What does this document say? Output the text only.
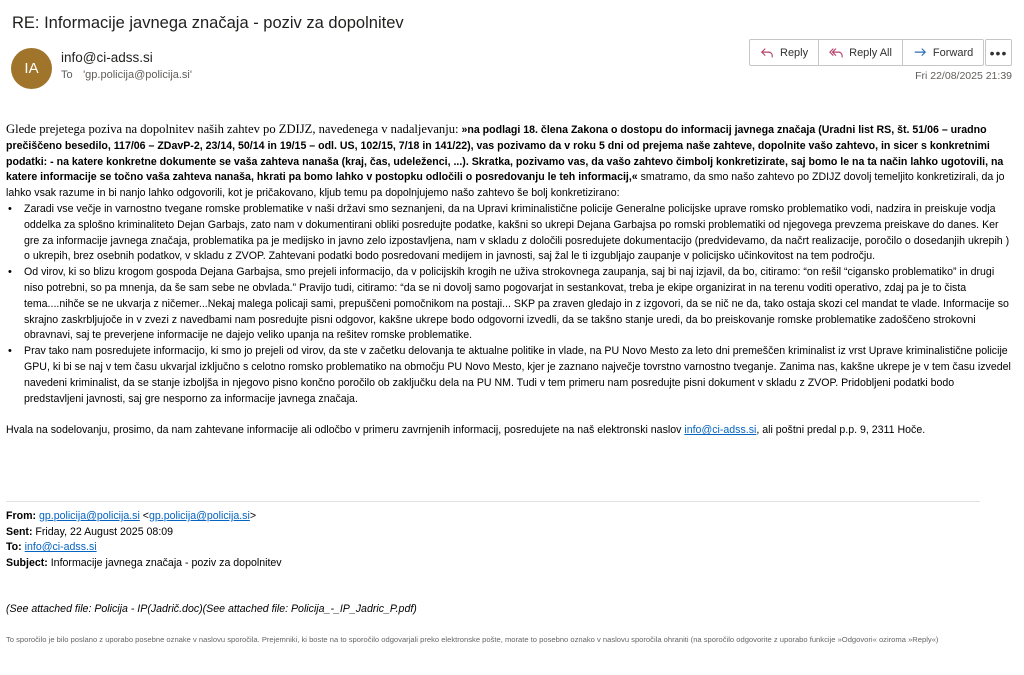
RE: Informacije javnega značaja - poziv za dopolnitev
IA
info@ci-adss.si
To 'gp.policija@policija.si'
Reply	Reply All	Forward	•••
Fri 22/08/2025 21:39

Glede prejetega poziva na dopolnitev naših zahtev po ZDIJZ, navedenega v nadaljevanju: »na podlagi 18. člena Zakona o dostopu do informacij javnega značaja (Uradni list RS, št. 51/06 – uradno prečiščeno besedilo, 117/06 – ZDavP-2, 23/14, 50/14 in 19/15 – odl. US, 102/15, 7/18 in 141/22), vas pozivamo da v roku 5 dni od prejema naše zahteve, dopolnite vašo zahtevo, in sicer s konkretnimi podatki: - na katere konkretne dokumente se vaša zahteva nanaša (kraj, čas, udeleženci, ...). Skratka, pozivamo vas, da vašo zahtevo čimbolj konkretizirate, saj bomo le na ta način lahko ugotovili, na katere informacije se točno vaša zahteva nanaša, hkrati pa bomo lahko v postopku odločili o posredovanju le teh informacij,« smatramo, da smo našo zahtevo po ZDIJZ dovolj temeljito konkretizirali, da jo lahko vsak razume in bi nanjo lahko odgovorili, kot je pričakovano, kljub temu pa dopolnjujemo našo zahtevo še bolj konkretizirano:

• Zaradi vse večje in varnostno tvegane romske problematike v naši državi smo seznanjeni, da na Upravi kriminalistične policije Generalne policijske uprave romsko problematiko vodi, nadzira in preiskuje vodja oddelka za splošno kriminaliteto Dejan Garbajs, zato nam v dokumentirani obliki posredujte podatke, kakšni so ukrepi Dejana Garbajsa po romski problematiki od njegovega prevzema preiskave do danes. Ker gre za informacije javnega značaja, problematika pa je medijsko in javno zelo izpostavljena, nam v skladu z določili posredujete dokumentacijo (predvidevamo, da načrt realizacije, poročilo o dosedanjih ukrepih ) o ukrepih, brez osebnih podatkov, v skladu z ZVOP. Zahtevani podatki bodo posredovani medijem in javnosti, saj žal le ti izgubljajo zaupanje v policijsko učinkovitost na tem področju.
• Od virov, ki so blizu krogom gospoda Dejana Garbajsa, smo prejeli informacijo, da v policijskih krogih ne uživa strokovnega zaupanja, saj bi naj izjavil, da bo, citiramo: “on rešil “cigansko problematiko” in drugi niso potrebni, so pa mnenja, da še sam sebe ne obvlada.” Pravijo tudi, citiramo: “da se ni dovolj samo pogovarjat in sestankovat, treba je ekipe organizirat in na terenu voditi operativo, zdaj pa je to čista tema....nihče se ne ukvarja z ničemer...Nekaj malega policaji sami, prepuščeni pomočnikom na postaji... SKP pa zraven gledajo in z izgovori, da se nič ne da, tako ostaja skozi cel mandat te vlade. Informacije so skrajno zaskrbljujoče in v zvezi z navedbami nam posredujte pisni odgovor, kakšne ukrepe bodo odgovorni izvedli, da se takšno stanje uredi, da bo preiskovanje romske problematike zadoščeno strokovni obravnavi, saj te preverjene informacije ne dajejo veliko upanja na rešitev romske problematike.
• Prav tako nam posredujete informacijo, ki smo jo prejeli od virov, da ste v začetku delovanja te aktualne politike in vlade, na PU Novo Mesto za leto dni premeščen kriminalist iz vrst Uprave kriminalistične policije GPU, ki bi se naj v tem času ukvarjal izključno s celotno romsko problematiko na območju PU Novo Mesto, kjer je zaznano največje tovrstno varnostno tveganje. Zanima nas, kakšne ukrepe je v tem času izvedel navedeni kriminalist, da se stanje izboljša in njegovo pisno končno poročilo ob zaključku dela na PU NM. Tudi v tem primeru nam posredujte pisni dokument v skladu z ZVOP. Pridobljeni podatki bodo predstavljeni javnosti, saj gre nesporno za informacije javnega značaja.

Hvala na sodelovanju, prosimo, da nam zahtevane informacije ali odločbo v primeru zavrnjenih informacij, posredujete na naš elektronski naslov info@ci-adss.si, ali poštni predal p.p. 9, 2311 Hoče.

From: gp.policija@policija.si <gp.policija@policija.si>
Sent: Friday, 22 August 2025 08:09
To: info@ci-adss.si
Subject: Informacije javnega značaja - poziv za dopolnitev
(See attached file: Policija - IP(Jadrič.doc)(See attached file: Policija_-_IP_Jadric_P.pdf)
To sporočilo je bilo poslano z uporabo posebne oznake v naslovu sporočila. Prejemniki, ki boste na to sporočilo odgovarjali preko elektronske pošte, morate to posebno oznako v naslovu sporočila ohraniti (na sporočilo odgovorite z uporabo funkcije »Odgovori« oziroma »Reply«)
